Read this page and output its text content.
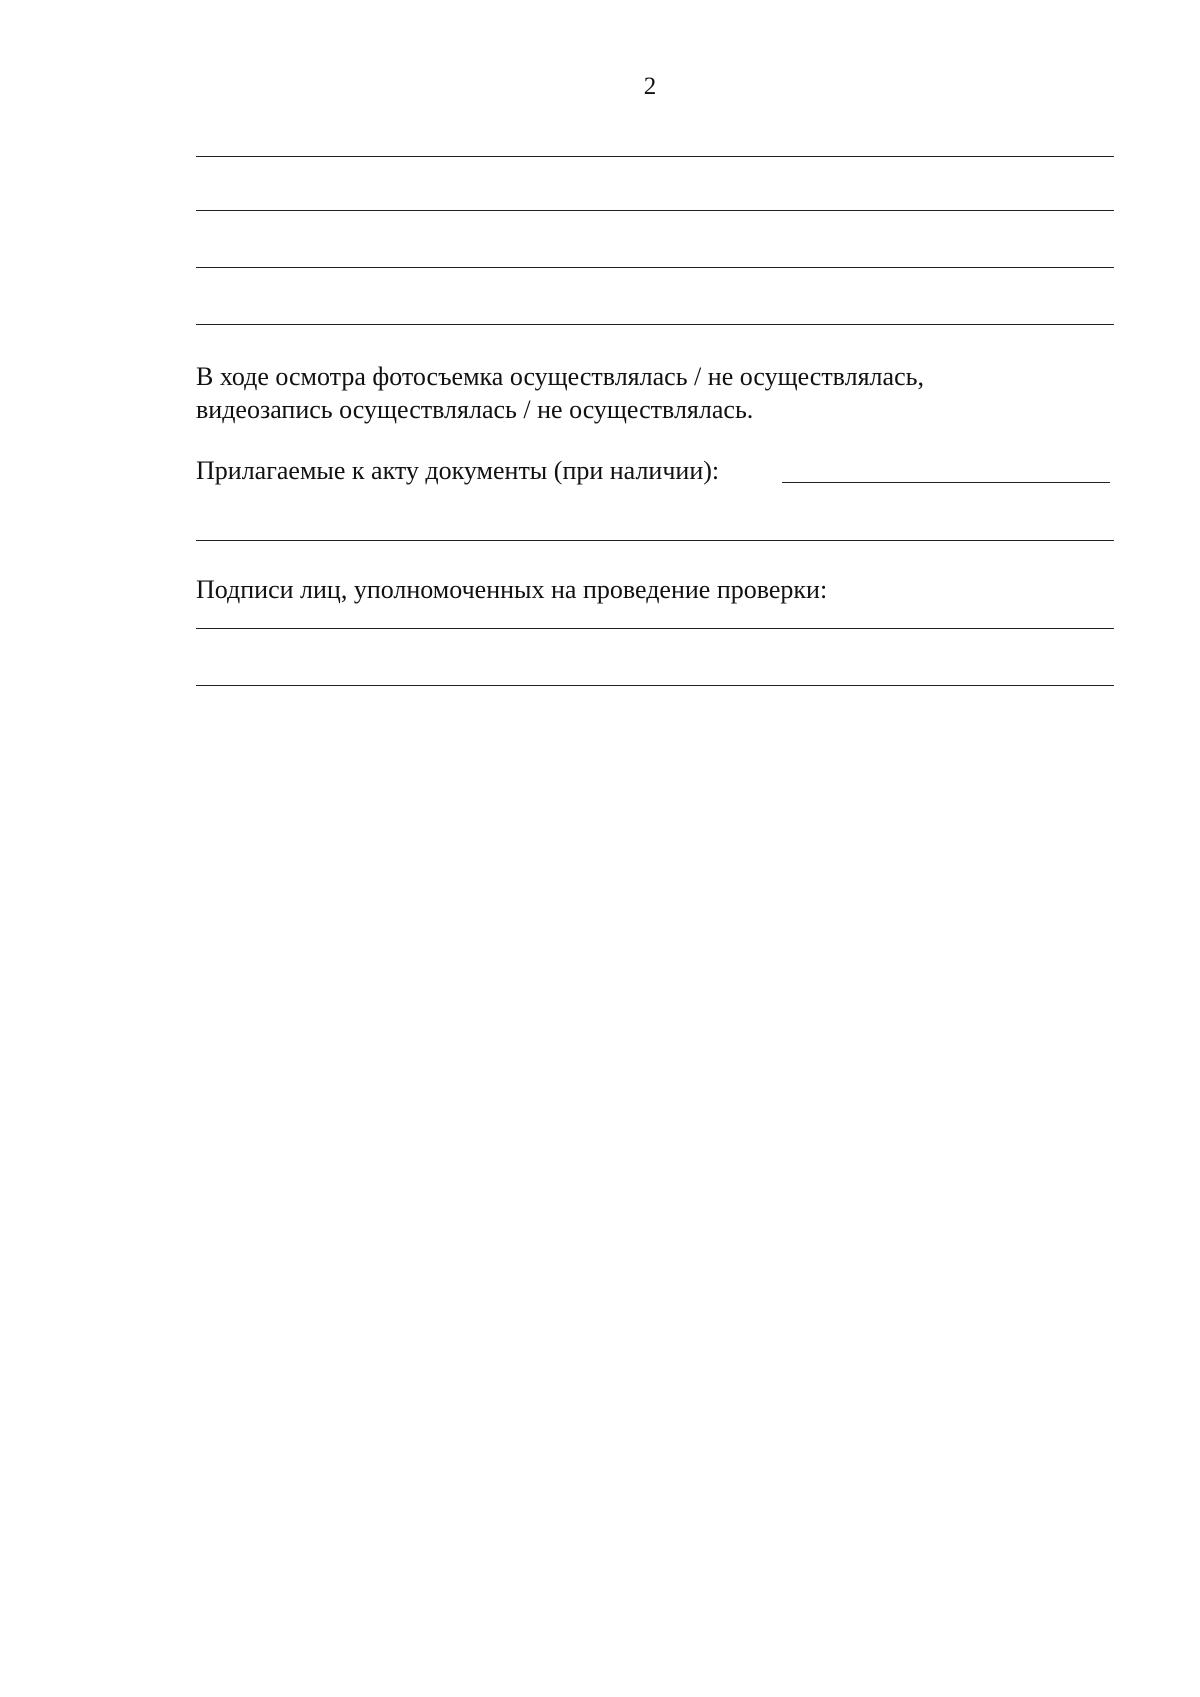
2
В ходе осмотра фотосъемка осуществлялась / не осуществлялась,
видеозапись осуществлялась / не осуществлялась.
Прилагаемые к акту документы (при наличии):
Подписи лиц, уполномоченных на проведение проверки:
